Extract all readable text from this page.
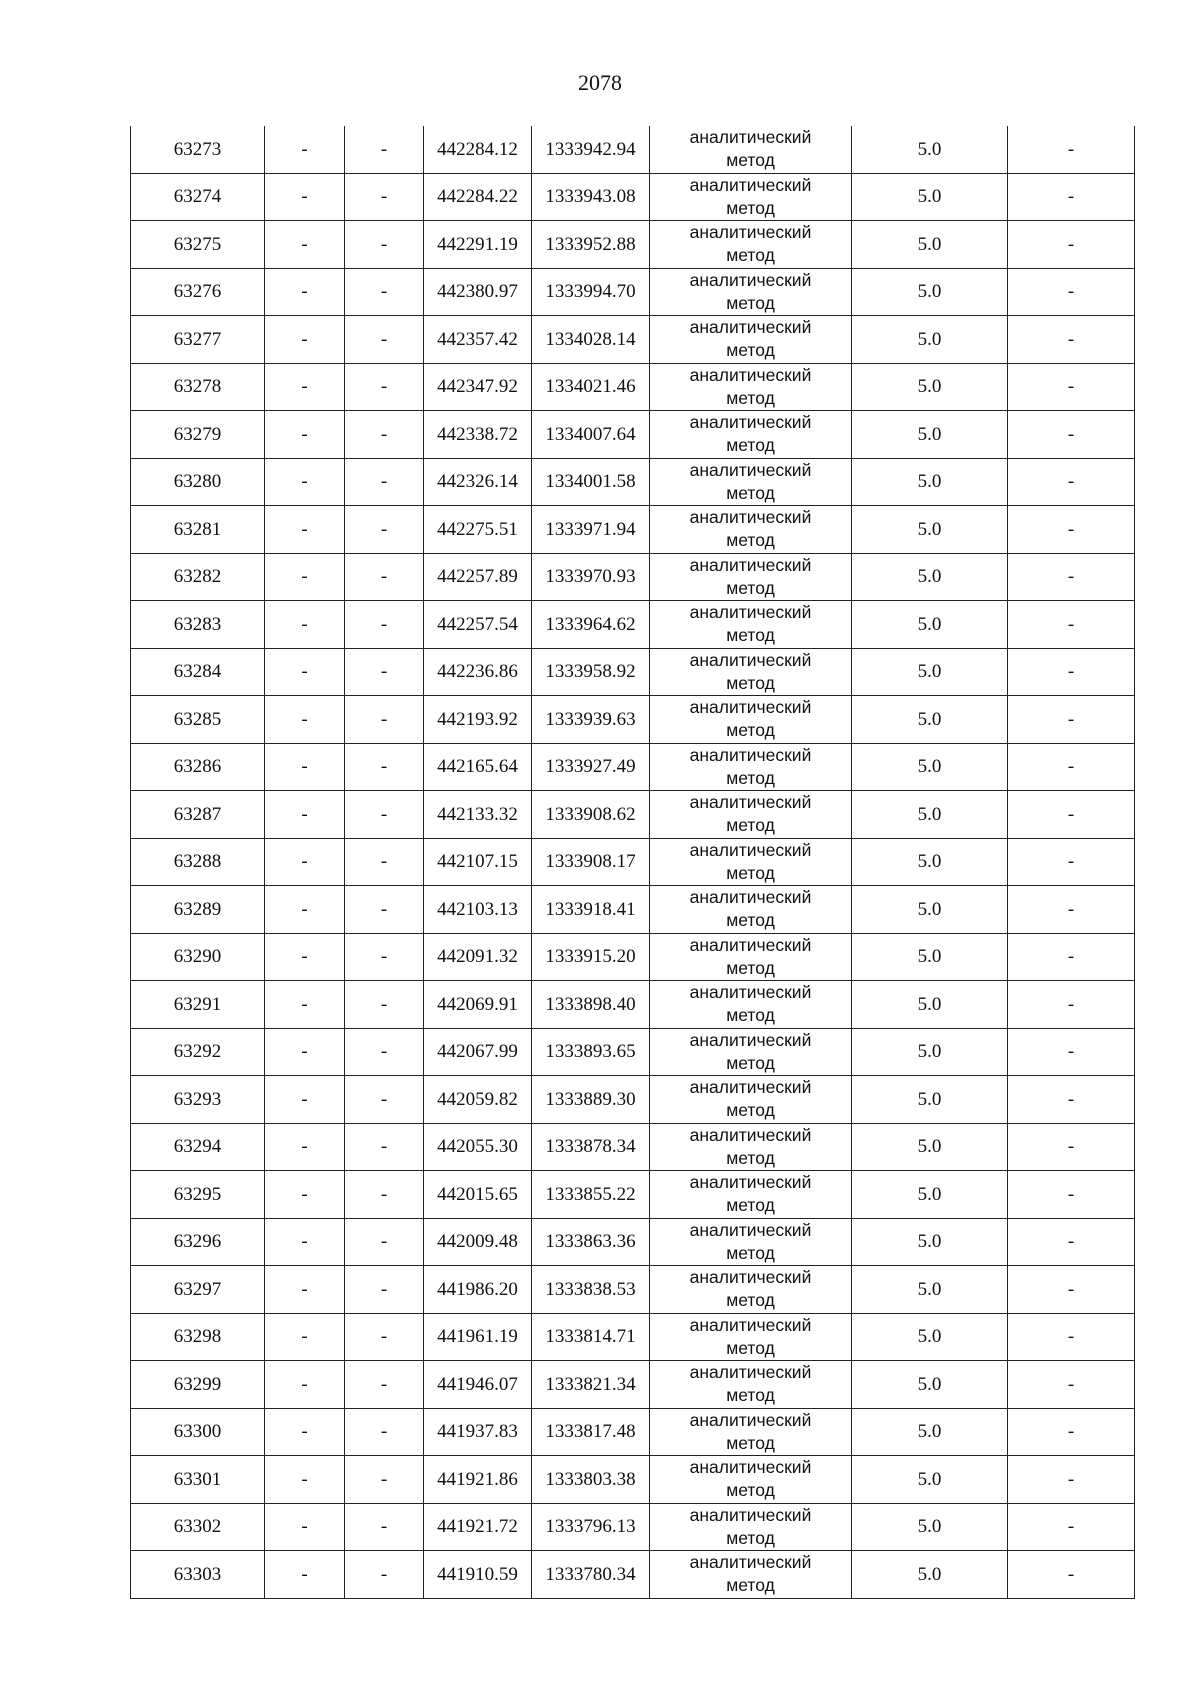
2078
63273	-	-	442284.12	1333942.94	аналитический
метод	5.0	-
63274	-	-	442284.22	1333943.08	аналитический
метод	5.0	-
63275	-	-	442291.19	1333952.88	аналитический
метод	5.0	-
63276	-	-	442380.97	1333994.70	аналитический
метод	5.0	-
63277	-	-	442357.42	1334028.14	аналитический
метод	5.0	-
63278	-	-	442347.92	1334021.46	аналитический
метод	5.0	-
63279	-	-	442338.72	1334007.64	аналитический
метод	5.0	-
63280	-	-	442326.14	1334001.58	аналитический
метод	5.0	-
63281	-	-	442275.51	1333971.94	аналитический
метод	5.0	-
63282	-	-	442257.89	1333970.93	аналитический
метод	5.0	-
63283	-	-	442257.54	1333964.62	аналитический
метод	5.0	-
63284	-	-	442236.86	1333958.92	аналитический
метод	5.0	-
63285	-	-	442193.92	1333939.63	аналитический
метод	5.0	-
63286	-	-	442165.64	1333927.49	аналитический
метод	5.0	-
63287	-	-	442133.32	1333908.62	аналитический
метод	5.0	-
63288	-	-	442107.15	1333908.17	аналитический
метод	5.0	-
63289	-	-	442103.13	1333918.41	аналитический
метод	5.0	-
63290	-	-	442091.32	1333915.20	аналитический
метод	5.0	-
63291	-	-	442069.91	1333898.40	аналитический
метод	5.0	-
63292	-	-	442067.99	1333893.65	аналитический
метод	5.0	-
63293	-	-	442059.82	1333889.30	аналитический
метод	5.0	-
63294	-	-	442055.30	1333878.34	аналитический
метод	5.0	-
63295	-	-	442015.65	1333855.22	аналитический
метод	5.0	-
63296	-	-	442009.48	1333863.36	аналитический
метод	5.0	-
63297	-	-	441986.20	1333838.53	аналитический
метод	5.0	-
63298	-	-	441961.19	1333814.71	аналитический
метод	5.0	-
63299	-	-	441946.07	1333821.34	аналитический
метод	5.0	-
63300	-	-	441937.83	1333817.48	аналитический
метод	5.0	-
63301	-	-	441921.86	1333803.38	аналитический
метод	5.0	-
63302	-	-	441921.72	1333796.13	аналитический
метод	5.0	-
63303	-	-	441910.59	1333780.34	аналитический
метод	5.0	-
